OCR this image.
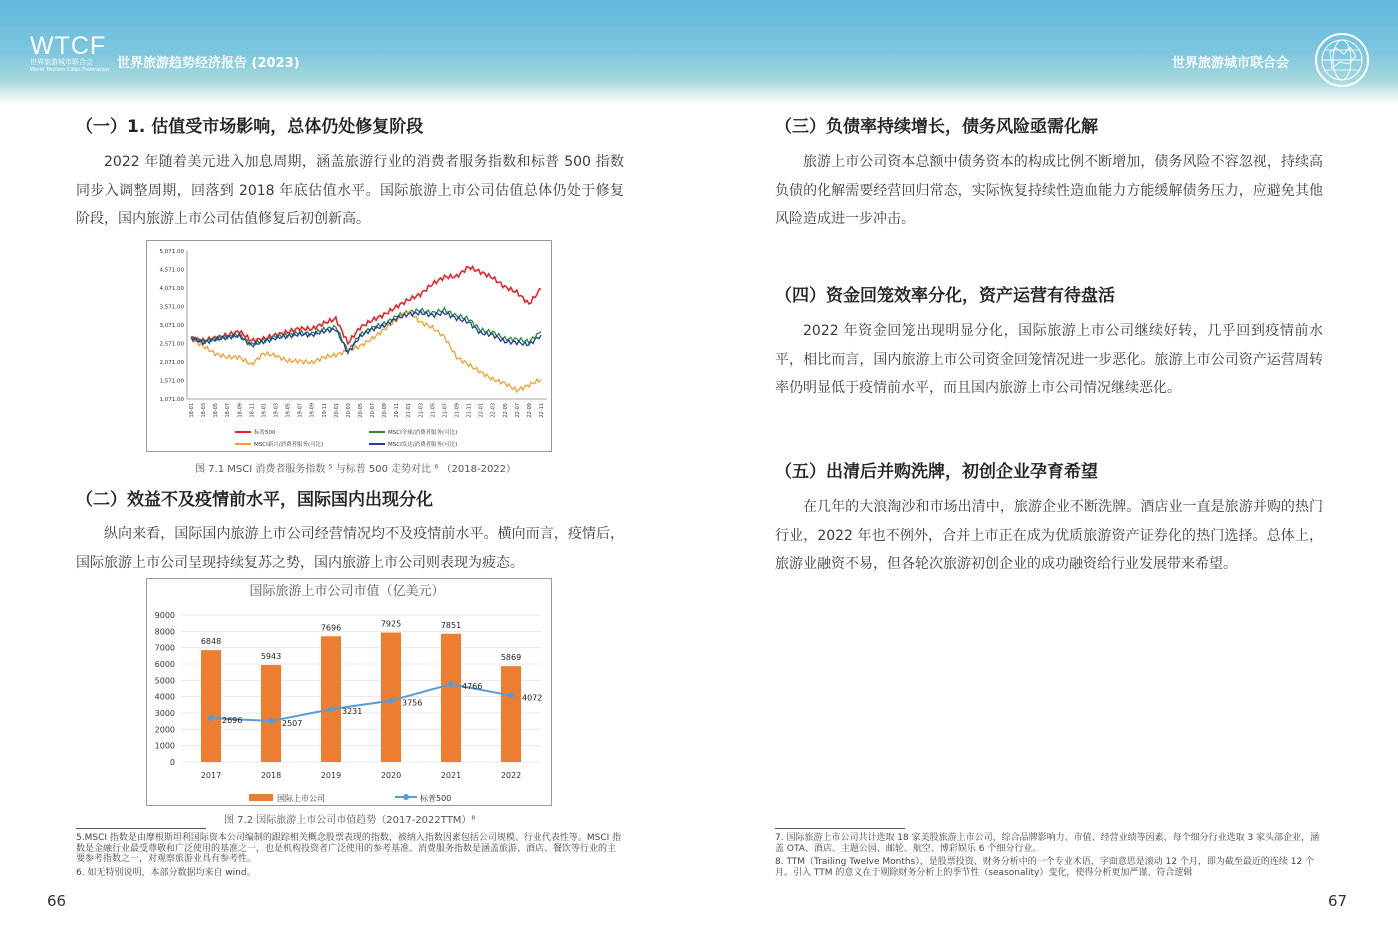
WTCF
世界旅游城市联合会
World Tourism Cities Federation 世界旅游趋势经济报告 (2023)	世界旅游城市联合会
（一）1. 估值受市场影响，总体仍处修复阶段
2022 年随着美元进入加息周期，涵盖旅游行业的消费者服务指数和标普 500 指数同步入调整周期，回落到 2018 年底估值水平。国际旅游上市公司估值总体仍处于修复阶段，国内旅游上市公司估值修复后初创新高。
5,071.00
4,571.00
4,071.00
3,571.00
3,071.00
2,571.00
2,071.00
1,571.00
1,071.00
18-01 18-03 18-05 18-07 18-09 18-11 19-01 19-03 19-05 19-07 19-09 19-11 20-01 20-03 20-05 20-07 20-09 20-11 21-01 21-03 21-05 21-07 21-09 21-11 22-01 22-03 22-05 22-07 22-09 22-11
标普500	MSCI全球/消费者服务(可比)
MSCI新兴/消费者服务(可比)	MSCI发达/消费者服务(可比)
图 7.1 MSCI 消费者服务指数 ⁵ 与标普 500 走势对比 ⁶ （2018-2022）
（二）效益不及疫情前水平，国际国内出现分化
纵向来看，国际国内旅游上市公司经营情况均不及疫情前水平。横向而言，疫情后，国际旅游上市公司呈现持续复苏之势，国内旅游上市公司则表现为疲态。
国际旅游上市公司市值（亿美元）
9000
8000
7000
6000
5000
4000
3000
2000
1000
0
6848
2017
5943
2018
7696
2019
7925
2020
7851
2021
5869
2022
2696	2507
3231
3756
4766
4072
国际上市公司	标普500
图 7.2 国际旅游上市公司市值趋势（2017-2022TTM）⁸
5.MSCI 指数是由摩根斯坦利国际资本公司编制的跟踪相关概念股票表现的指数，被纳入指数因素包括公司规模、行业代表性等。MSCI 指数是金融行业最受尊敬和广泛使用的基准之一，也是机构投资者广泛使用的参考基准。消费服务指数是涵盖旅游、酒店、餐饮等行业的主要参考指数之一，对观察旅游业具有参考性。
6. 如无特别说明，本部分数据均来自 wind。
66
（三）负债率持续增长，债务风险亟需化解
旅游上市公司资本总额中债务资本的构成比例不断增加，债务风险不容忽视，持续高负债的化解需要经营回归常态，实际恢复持续性造血能力方能缓解债务压力，应避免其他风险造成进一步冲击。
（四）资金回笼效率分化，资产运营有待盘活
2022 年资金回笼出现明显分化，国际旅游上市公司继续好转，几乎回到疫情前水平，相比而言，国内旅游上市公司资金回笼情况进一步恶化。旅游上市公司资产运营周转率仍明显低于疫情前水平，而且国内旅游上市公司情况继续恶化。
（五）出清后并购洗牌，初创企业孕育希望
在几年的大浪淘沙和市场出清中，旅游企业不断洗牌。酒店业一直是旅游并购的热门行业，2022 年也不例外，合并上市正在成为优质旅游资产证券化的热门选择。总体上，旅游业融资不易，但各轮次旅游初创企业的成功融资给行业发展带来希望。
7. 国际旅游上市公司共计选取 18 家美股旅游上市公司，综合品牌影响力、市值、经营业绩等因素，每个细分行业选取 3 家头部企业，涵盖 OTA、酒店、主题公园、邮轮、航空、博彩娱乐 6 个细分行业。
8. TTM（Trailing Twelve Months），是股票投资、财务分析中的一个专业术语，字面意思是滚动 12 个月，即为截至最近的连续 12 个月。引入 TTM 的意义在于剔除财务分析上的季节性（seasonality）变化，使得分析更加严谨、符合逻辑
67
